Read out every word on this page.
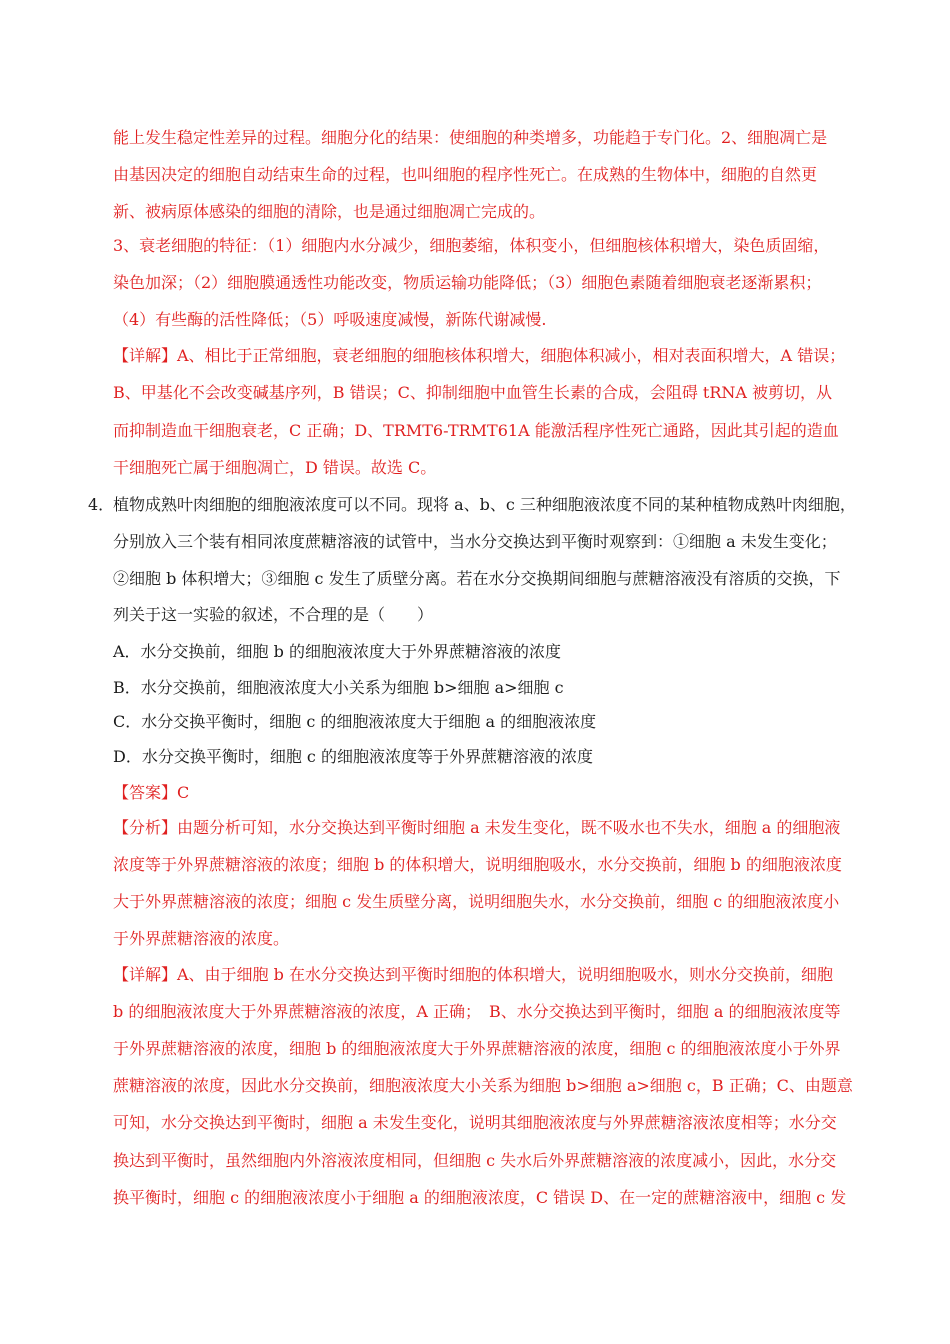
能上发生稳定性差异的过程。细胞分化的结果：使细胞的种类增多，功能趋于专门化。2、细胞凋亡是
由基因决定的细胞自动结束生命的过程，也叫细胞的程序性死亡。在成熟的生物体中，细胞的自然更
新、被病原体感染的细胞的清除，也是通过细胞凋亡完成的。
3、衰老细胞的特征：（1）细胞内水分减少，细胞萎缩，体积变小，但细胞核体积增大，染色质固缩，
染色加深；（2）细胞膜通透性功能改变，物质运输功能降低；（3）细胞色素随着细胞衰老逐渐累积；
（4）有些酶的活性降低；（5）呼吸速度减慢，新陈代谢减慢.
【详解】A、相比于正常细胞，衰老细胞的细胞核体积增大，细胞体积减小，相对表面积增大，A 错误；
B、甲基化不会改变碱基序列，B 错误；C、抑制细胞中血管生长素的合成，会阻碍 tRNA 被剪切，从
而抑制造血干细胞衰老，C 正确；D、TRMT6-TRMT61A 能激活程序性死亡通路，因此其引起的造血
干细胞死亡属于细胞凋亡，D 错误。故选 C。
4．
植物成熟叶肉细胞的细胞液浓度可以不同。现将 a、b、c 三种细胞液浓度不同的某种植物成熟叶肉细胞，
分别放入三个装有相同浓度蔗糖溶液的试管中，当水分交换达到平衡时观察到：①细胞 a 未发生变化；
②细胞 b 体积增大；③细胞 c 发生了质壁分离。若在水分交换期间细胞与蔗糖溶液没有溶质的交换，下
列关于这一实验的叙述，不合理的是（　　）
A．水分交换前，细胞 b 的细胞液浓度大于外界蔗糖溶液的浓度
B．水分交换前，细胞液浓度大小关系为细胞 b>细胞 a>细胞 c
C．水分交换平衡时，细胞 c 的细胞液浓度大于细胞 a 的细胞液浓度
D．水分交换平衡时，细胞 c 的细胞液浓度等于外界蔗糖溶液的浓度
【答案】C
【分析】由题分析可知，水分交换达到平衡时细胞 a 未发生变化，既不吸水也不失水，细胞 a 的细胞液
浓度等于外界蔗糖溶液的浓度；细胞 b 的体积增大，说明细胞吸水，水分交换前，细胞 b 的细胞液浓度
大于外界蔗糖溶液的浓度；细胞 c 发生质壁分离，说明细胞失水，水分交换前，细胞 c 的细胞液浓度小
于外界蔗糖溶液的浓度。
【详解】A、由于细胞 b 在水分交换达到平衡时细胞的体积增大，说明细胞吸水，则水分交换前，细胞
b 的细胞液浓度大于外界蔗糖溶液的浓度，A 正确；　B、水分交换达到平衡时，细胞 a 的细胞液浓度等
于外界蔗糖溶液的浓度，细胞 b 的细胞液浓度大于外界蔗糖溶液的浓度，细胞 c 的细胞液浓度小于外界
蔗糖溶液的浓度，因此水分交换前，细胞液浓度大小关系为细胞 b>细胞 a>细胞 c，B 正确；C、由题意
可知，水分交换达到平衡时，细胞 a 未发生变化，说明其细胞液浓度与外界蔗糖溶液浓度相等；水分交
换达到平衡时，虽然细胞内外溶液浓度相同，但细胞 c 失水后外界蔗糖溶液的浓度减小，因此，水分交
换平衡时，细胞 c 的细胞液浓度小于细胞 a 的细胞液浓度，C 错误 D、在一定的蔗糖溶液中，细胞 c 发
